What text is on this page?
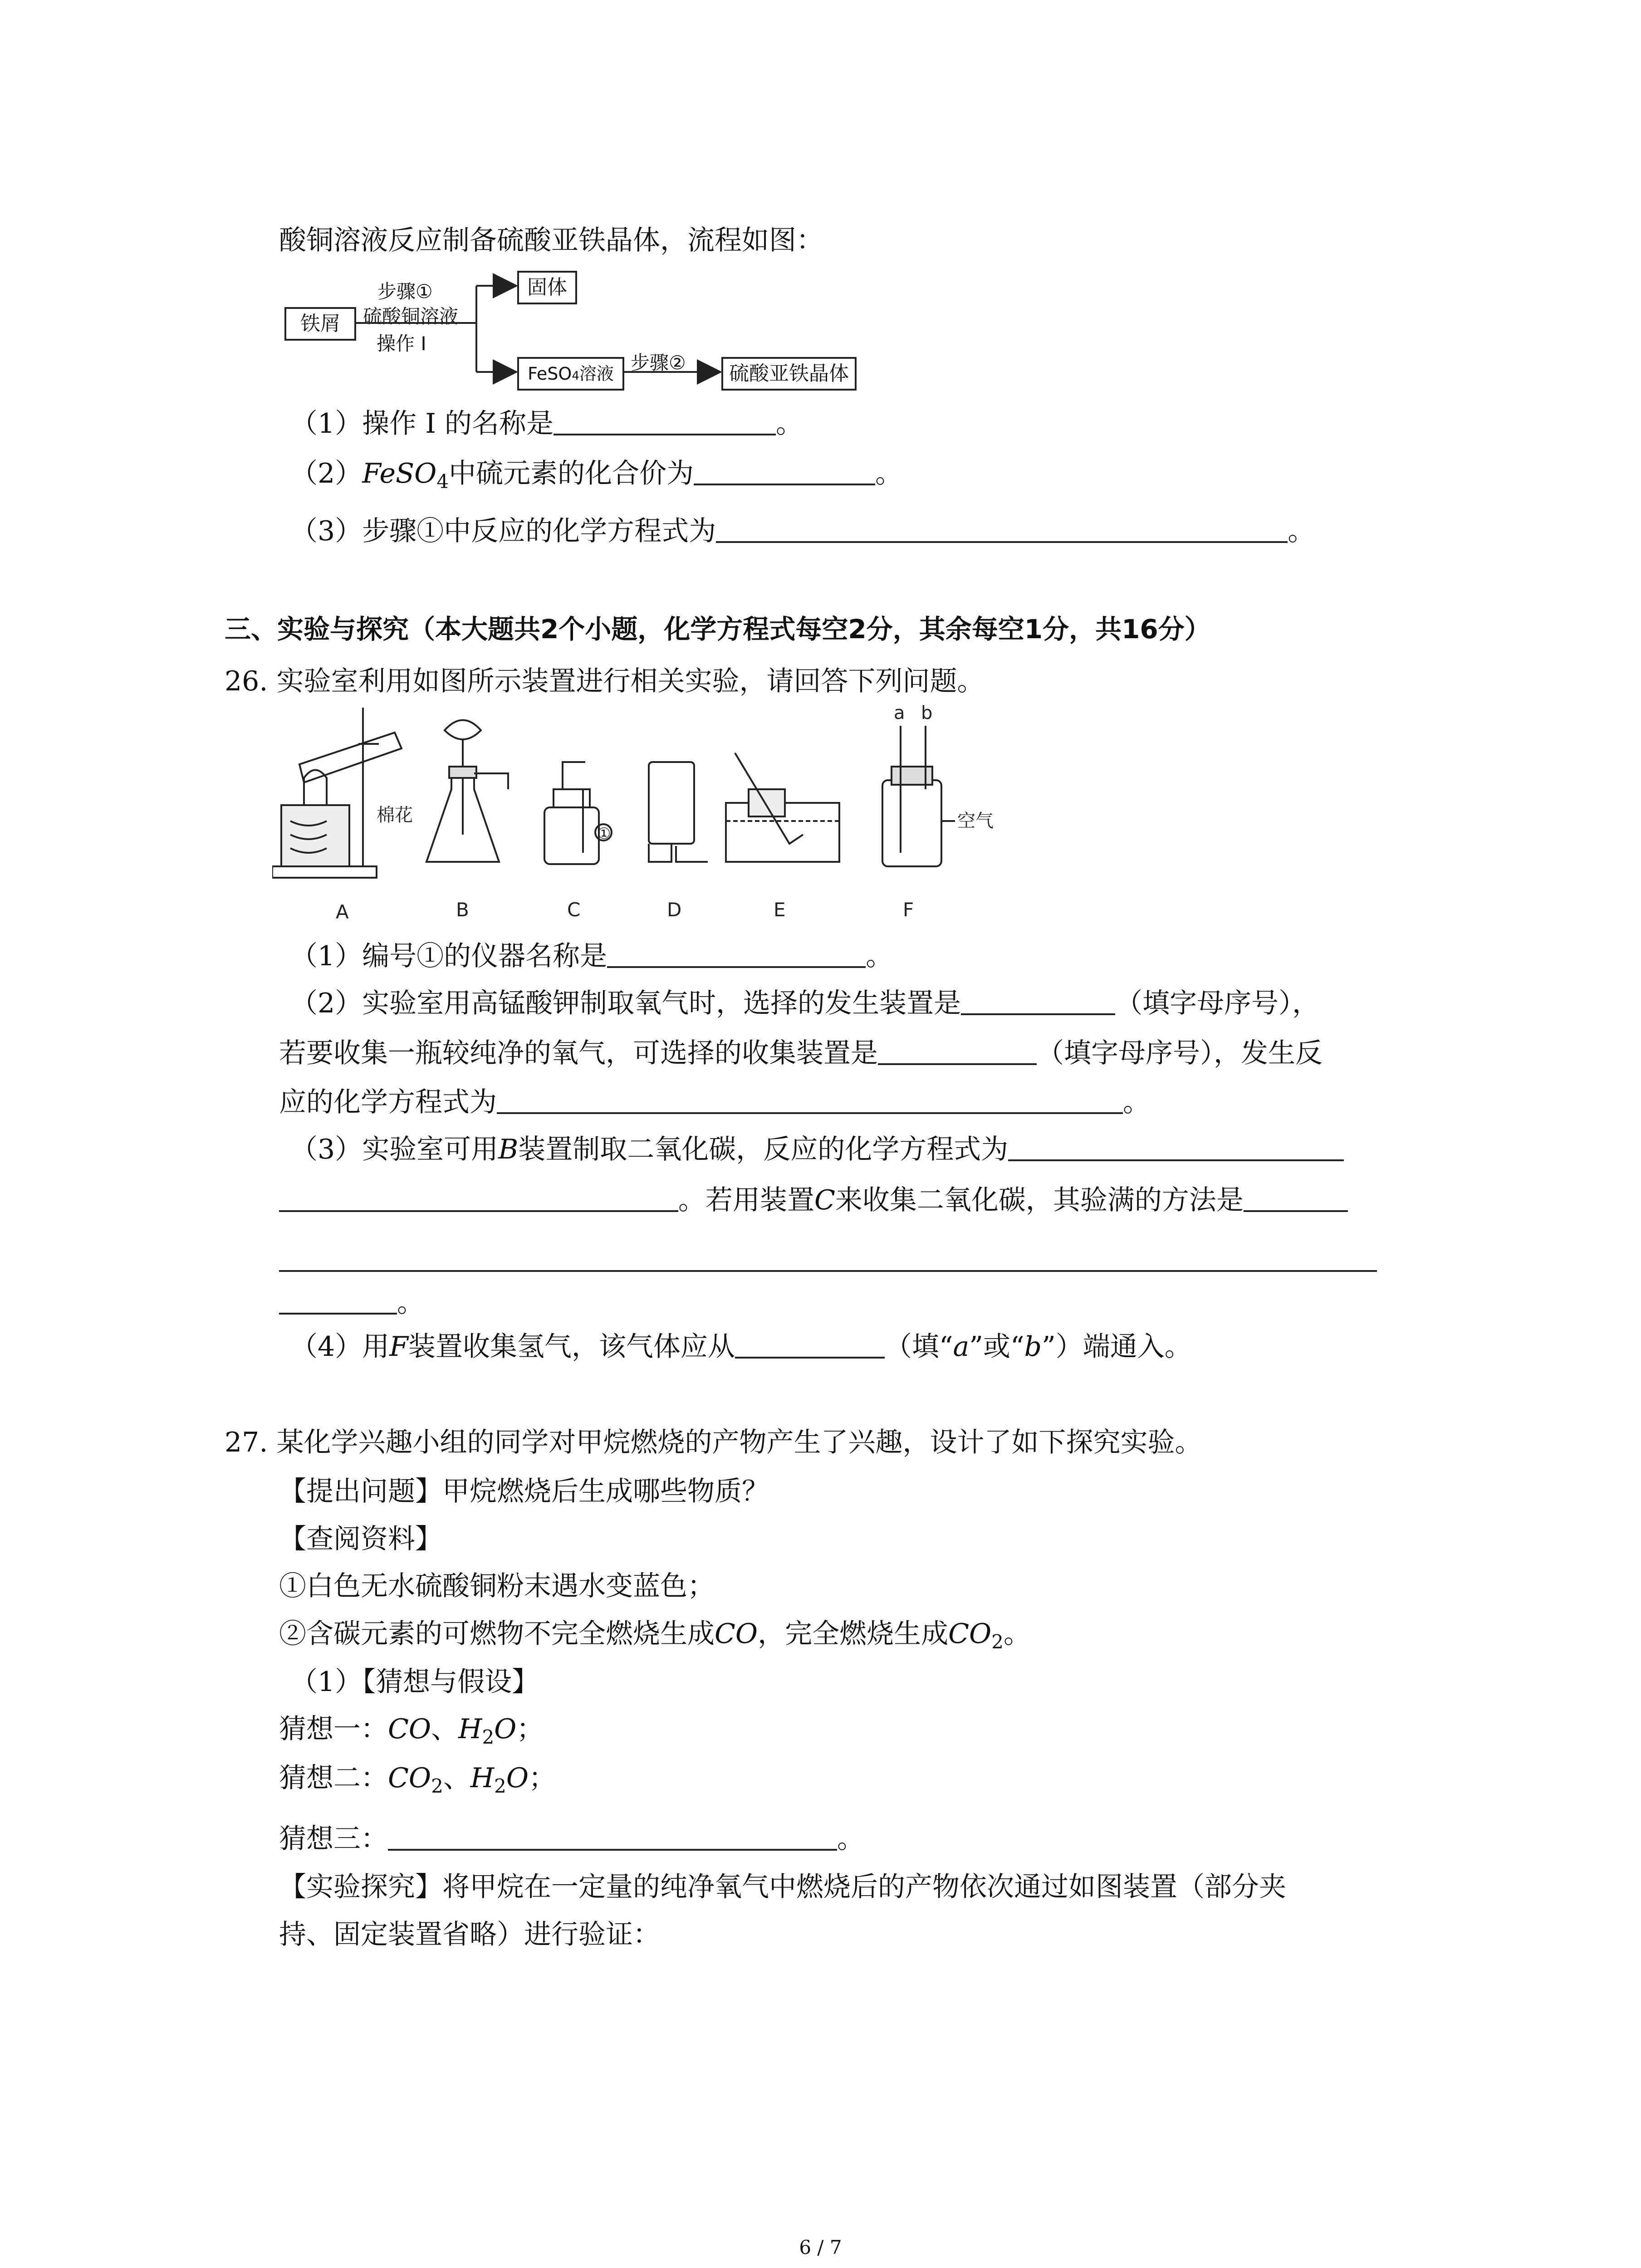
酸铜溶液反应制备硫酸亚铁晶体，流程如图：
铁屑
步骤①
硫酸铜溶液
操作 I
固体
FeSO4溶液 步骤②	硫酸亚铁晶体
（1）操作 I 的名称是	。
（2）FeSO$_4$中硫元素的化合价为	。
（3）步骤①中反应的化学方程式为	。
三、实验与探究（本大题共2个小题，化学方程式每空2分，其余每空1分，共16分）
26. 实验室利用如图所示装置进行相关实验，请回答下列问题。
棉花	空气
①
a b
A	B	C	D	E	F
（1）编号①的仪器名称是	。
（2）实验室用高锰酸钾制取氧气时，选择的发生装置是	（填字母序号），
若要收集一瓶较纯净的氧气，可选择的收集装置是	（填字母序号），发生反
应的化学方程式为	。
（3）实验室可用B装置制取二氧化碳，反应的化学方程式为
。若用装置C来收集二氧化碳，其验满的方法是
。
（4）用F装置收集氢气，该气体应从	（填“a”或“b”）端通入。
27. 某化学兴趣小组的同学对甲烷燃烧的产物产生了兴趣，设计了如下探究实验。
【提出问题】甲烷燃烧后生成哪些物质？
【查阅资料】
①白色无水硫酸铜粉末遇水变蓝色；
②含碳元素的可燃物不完全燃烧生成CO，完全燃烧生成$CO_2$。
（1）【猜想与假设】
猜想一：CO、$H_2O$；
猜想二：$CO_2$、$H_2O$；
猜想三：	。
【实验探究】将甲烷在一定量的纯净氧气中燃烧后的产物依次通过如图装置（部分夹
持、固定装置省略）进行验证：
6 / 7
